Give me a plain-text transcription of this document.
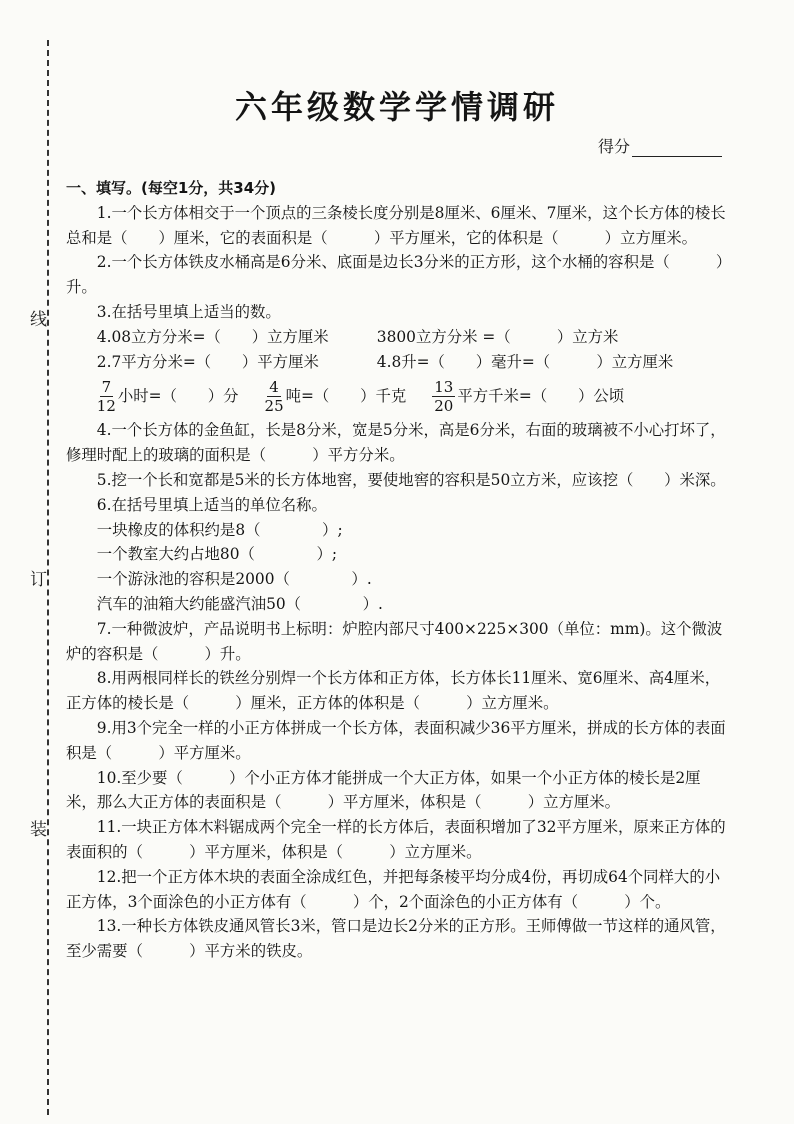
线
订
装
六年级数学学情调研
得分

一、填写。(每空1分，共34分)

1.一个长方体相交于一个顶点的三条棱长度分别是8厘米、6厘米、7厘米，这个长方体的棱长总和是（　　）厘米，它的表面积是（　　　）平方厘米，它的体积是（　　　）立方厘米。

2.一个长方体铁皮水桶高是6分米、底面是边长3分米的正方形，这个水桶的容积是（　　　）升。

3.在括号里填上适当的数。

4.08立方分米=（　　）立方厘米	3800立方分米 =（　　　）立方米

2.7平方分米=（　　）平方厘米	4.8升=（　　）毫升=（　　　）立方厘米

$\frac{7}{12}$ 小时=（　　）分 $\frac{4}{25}$ 吨=（　　）千克 $\frac{13}{20}$ 平方千米=（　　）公顷

4.一个长方体的金鱼缸，长是8分米，宽是5分米，高是6分米，右面的玻璃被不小心打坏了，修理时配上的玻璃的面积是（　　　）平方分米。

5.挖一个长和宽都是5米的长方体地窖，要使地窖的容积是50立方米，应该挖（　　）米深。

6.在括号里填上适当的单位名称。

一块橡皮的体积约是8（　　　　）;

一个教室大约占地80（　　　　）;

一个游泳池的容积是2000（　　　　）.

汽车的油箱大约能盛汽油50（　　　　）.

7.一种微波炉，产品说明书上标明：炉腔内部尺寸400×225×300（单位：mm)。这个微波炉的容积是（　　　）升。

8.用两根同样长的铁丝分别焊一个长方体和正方体，长方体长11厘米、宽6厘米、高4厘米，正方体的棱长是（　　　）厘米，正方体的体积是（　　　）立方厘米。

9.用3个完全一样的小正方体拼成一个长方体，表面积减少36平方厘米，拼成的长方体的表面积是（　　　）平方厘米。

10.至少要（　　　）个小正方体才能拼成一个大正方体，如果一个小正方体的棱长是2厘米，那么大正方体的表面积是（　　　）平方厘米，体积是（　　　）立方厘米。

11.一块正方体木料锯成两个完全一样的长方体后，表面积增加了32平方厘米，原来正方体的表面积的（　　　）平方厘米，体积是（　　　）立方厘米。

12.把一个正方体木块的表面全涂成红色，并把每条棱平均分成4份，再切成64个同样大的小正方体，3个面涂色的小正方体有（　　　）个，2个面涂色的小正方体有（　　　）个。

13.一种长方体铁皮通风管长3米，管口是边长2分米的正方形。王师傅做一节这样的通风管，至少需要（　　　）平方米的铁皮。
